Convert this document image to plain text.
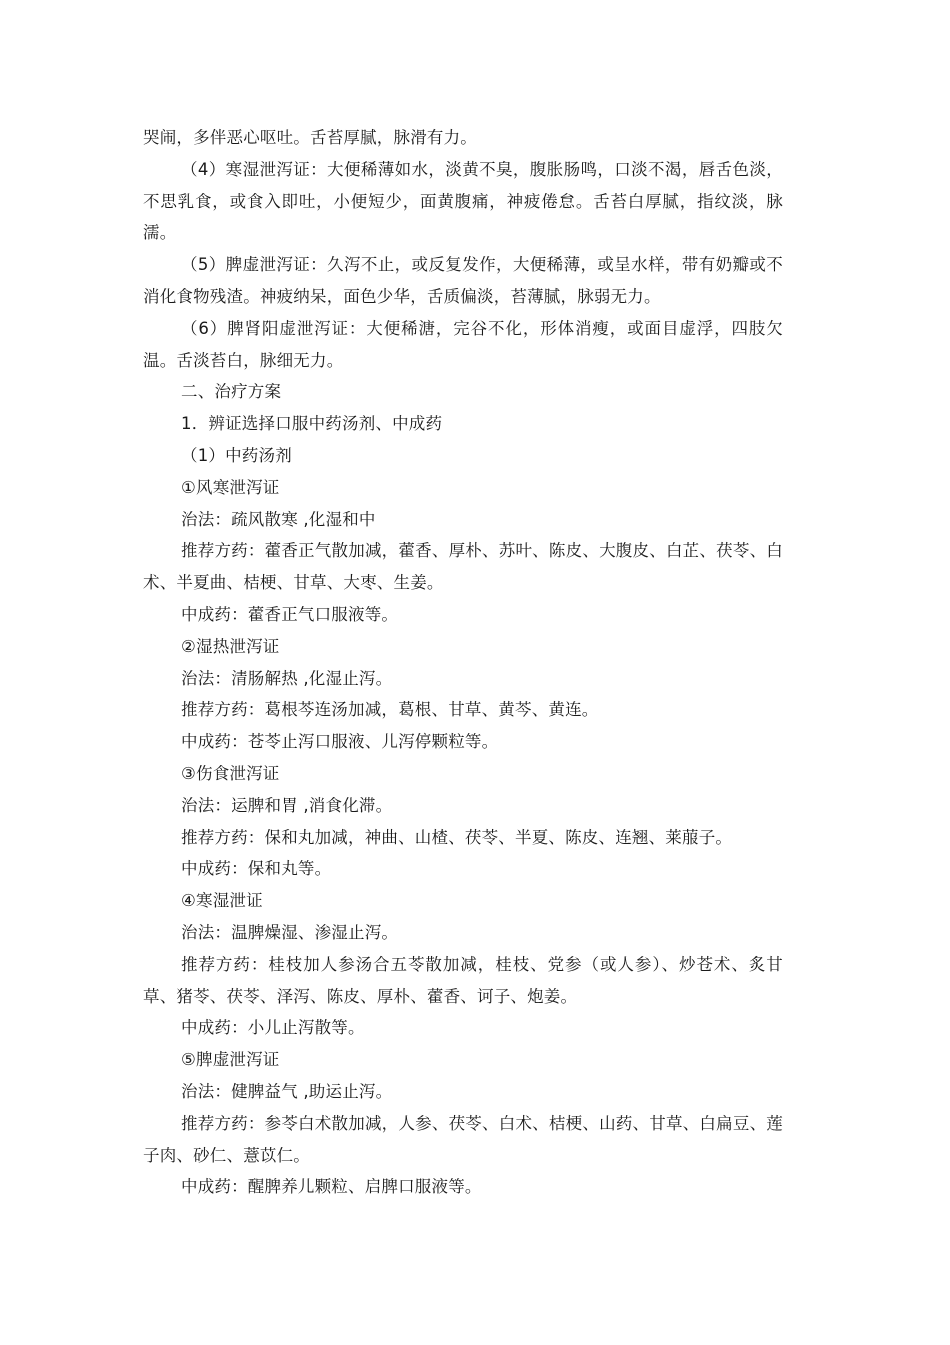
哭闹，多伴恶心呕吐。舌苔厚腻，脉滑有力。

（4）寒湿泄泻证：大便稀薄如水，淡黄不臭，腹胀肠鸣，口淡不渴，唇舌色淡，不思乳食，或食入即吐，小便短少，面黄腹痛，神疲倦怠。舌苔白厚腻，指纹淡，脉濡。

（5）脾虚泄泻证：久泻不止，或反复发作，大便稀薄，或呈水样，带有奶瓣或不消化食物残渣。神疲纳呆，面色少华，舌质偏淡，苔薄腻，脉弱无力。

（6）脾肾阳虚泄泻证：大便稀溏，完谷不化，形体消瘦，或面目虚浮，四肢欠温。舌淡苔白，脉细无力。

二、治疗方案

1．辨证选择口服中药汤剂、中成药

（1）中药汤剂

①风寒泄泻证

治法：疏风散寒 ,化湿和中

推荐方药：藿香正气散加减，藿香、厚朴、苏叶、陈皮、大腹皮、白芷、茯苓、白术、半夏曲、桔梗、甘草、大枣、生姜。

中成药：藿香正气口服液等。

②湿热泄泻证

治法：清肠解热 ,化湿止泻。

推荐方药：葛根芩连汤加减，葛根、甘草、黄芩、黄连。

中成药：苍苓止泻口服液、儿泻停颗粒等。

③伤食泄泻证

治法：运脾和胃 ,消食化滞。

推荐方药：保和丸加减，神曲、山楂、茯苓、半夏、陈皮、连翘、莱菔子。

中成药：保和丸等。

④寒湿泄证

治法：温脾燥湿、渗湿止泻。

推荐方药：桂枝加人参汤合五苓散加减，桂枝、党参（或人参）、炒苍术、炙甘草、猪苓、茯苓、泽泻、陈皮、厚朴、藿香、诃子、炮姜。

中成药：小儿止泻散等。

⑤脾虚泄泻证

治法：健脾益气 ,助运止泻。

推荐方药：参苓白术散加减，人参、茯苓、白术、桔梗、山药、甘草、白扁豆、莲子肉、砂仁、薏苡仁。

中成药：醒脾养儿颗粒、启脾口服液等。
